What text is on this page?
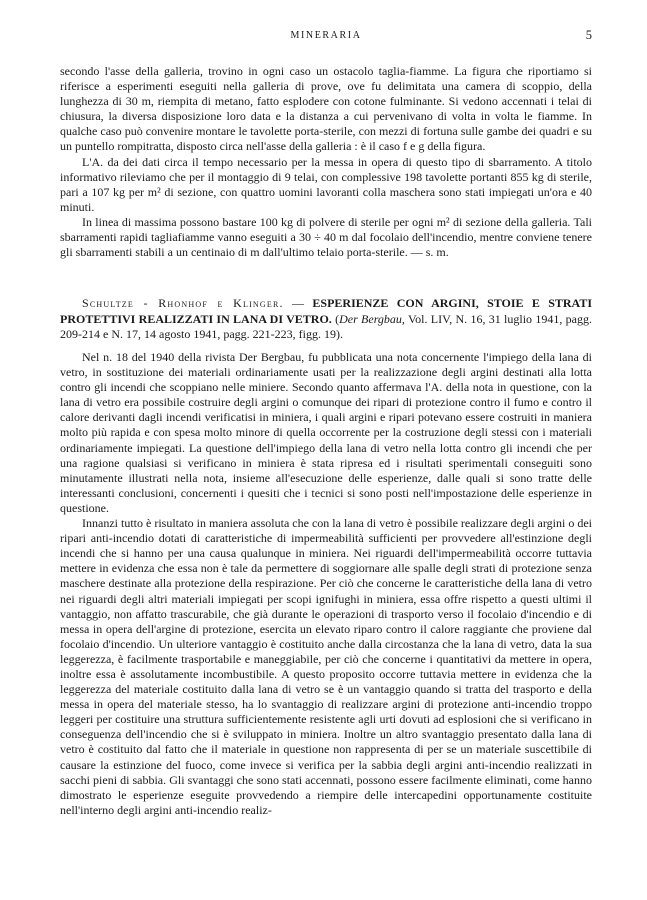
MINERARIA	5

secondo l'asse della galleria, trovino in ogni caso un ostacolo taglia-fiamme. La figura che riportiamo si riferisce a esperimenti eseguiti nella galleria di prove, ove fu delimitata una camera di scoppio, della lunghezza di 30 m, riempita di metano, fatto esplodere con cotone fulminante. Si vedono accennati i telai di chiusura, la diversa disposizione loro data e la distanza a cui pervenivano di volta in volta le fiamme. In qualche caso può convenire montare le tavolette porta-sterile, con mezzi di fortuna sulle gambe dei quadri e su un puntello rompitratta, disposto circa nell'asse della galleria : è il caso f e g della figura.

L'A. da dei dati circa il tempo necessario per la messa in opera di questo tipo di sbarramento. A titolo informativo rileviamo che per il montaggio di 9 telai, con complessive 198 tavolette portanti 855 kg di sterile, pari a 107 kg per m² di sezione, con quattro uomini lavoranti colla maschera sono stati impiegati un'ora e 40 minuti.

In linea di massima possono bastare 100 kg di polvere di sterile per ogni m² di sezione della galleria. Tali sbarramenti rapidi tagliafiamme vanno eseguiti a 30 ÷ 40 m dal focolaio dell'incendio, mentre conviene tenere gli sbarramenti stabili a un centinaio di m dall'ultimo telaio porta-sterile. — s. m.

Schultze - Rhonhof e Klinger. — ESPERIENZE CON ARGINI, STOIE E STRATI PROTETTIVI REALIZZATI IN LANA DI VETRO. (Der Bergbau, Vol. LIV, N. 16, 31 luglio 1941, pagg. 209-214 e N. 17, 14 agosto 1941, pagg. 221-223, figg. 19).

Nel n. 18 del 1940 della rivista Der Bergbau, fu pubblicata una nota concernente l'impiego della lana di vetro, in sostituzione dei materiali ordinariamente usati per la realizzazione degli argini destinati alla lotta contro gli incendi che scoppiano nelle miniere. Secondo quanto affermava l'A. della nota in questione, con la lana di vetro era possibile costruire degli argini o comunque dei ripari di protezione contro il fumo e contro il calore derivanti dagli incendi verificatisi in miniera, i quali argini e ripari potevano essere costruiti in maniera molto più rapida e con spesa molto minore di quella occorrente per la costruzione degli stessi con i materiali ordinariamente impiegati. La questione dell'impiego della lana di vetro nella lotta contro gli incendi che per una ragione qualsiasi si verificano in miniera è stata ripresa ed i risultati sperimentali conseguiti sono minutamente illustrati nella nota, insieme all'esecuzione delle esperienze, dalle quali si sono tratte delle interessanti conclusioni, concernenti i quesiti che i tecnici si sono posti nell'impostazione delle esperienze in questione.

Innanzi tutto è risultato in maniera assoluta che con la lana di vetro è possibile realizzare degli argini o dei ripari anti-incendio dotati di caratteristiche di impermeabilità sufficienti per provvedere all'estinzione degli incendi che si hanno per una causa qualunque in miniera. Nei riguardi dell'impermeabilità occorre tuttavia mettere in evidenza che essa non è tale da permettere di soggiornare alle spalle degli strati di protezione senza maschere destinate alla protezione della respirazione. Per ciò che concerne le caratteristiche della lana di vetro nei riguardi degli altri materiali impiegati per scopi ignifughi in miniera, essa offre rispetto a questi ultimi il vantaggio, non affatto trascurabile, che già durante le operazioni di trasporto verso il focolaio d'incendio e di messa in opera dell'argine di protezione, esercita un elevato riparo contro il calore raggiante che proviene dal focolaio d'incendio. Un ulteriore vantaggio è costituito anche dalla circostanza che la lana di vetro, data la sua leggerezza, è facilmente trasportabile e maneggiabile, per ciò che concerne i quantitativi da mettere in opera, inoltre essa è assolutamente incombustibile. A questo proposito occorre tuttavia mettere in evidenza che la leggerezza del materiale costituito dalla lana di vetro se è un vantaggio quando si tratta del trasporto e della messa in opera del materiale stesso, ha lo svantaggio di realizzare argini di protezione anti-incendio troppo leggeri per costituire una struttura sufficientemente resistente agli urti dovuti ad esplosioni che si verificano in conseguenza dell'incendio che si è sviluppato in miniera. Inoltre un altro svantaggio presentato dalla lana di vetro è costituito dal fatto che il materiale in questione non rappresenta di per se un materiale suscettibile di causare la estinzione del fuoco, come invece si verifica per la sabbia degli argini anti-incendio realizzati in sacchi pieni di sabbia. Gli svantaggi che sono stati accennati, possono essere facilmente eliminati, come hanno dimostrato le esperienze eseguite provvedendo a riempire delle intercapedini opportunamente costituite nell'interno degli argini anti-incendio realiz-
